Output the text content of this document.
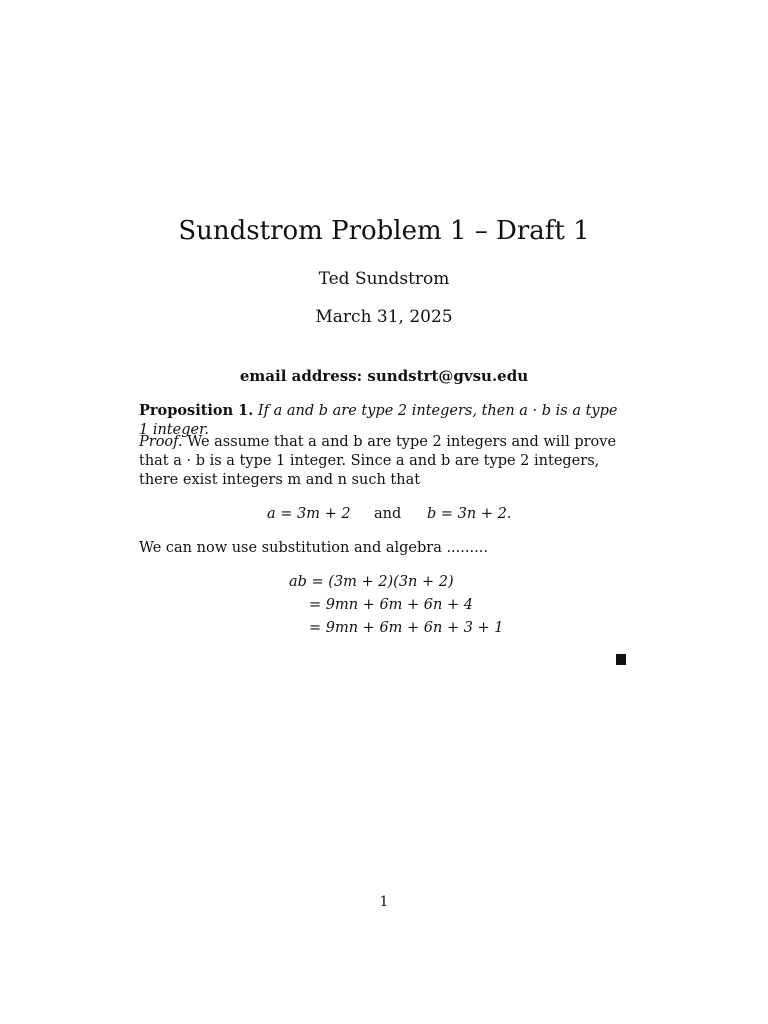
Sundstrom Problem 1 – Draft 1
Ted Sundstrom
March 31, 2025
email address: sundstrt@gvsu.edu
Proposition 1. If a and b are type 2 integers, then a · b is a type 1 integer.
Proof. We assume that a and b are type 2 integers and will prove that a · b is a type 1 integer. Since a and b are type 2 integers, there exist integers m and n such that
a = 3m + 2 and b = 3n + 2.
We can now use substitution and algebra .........
ab = (3m + 2)(3n + 2)
= 9mn + 6m + 6n + 4
= 9mn + 6m + 6n + 3 + 1
1
